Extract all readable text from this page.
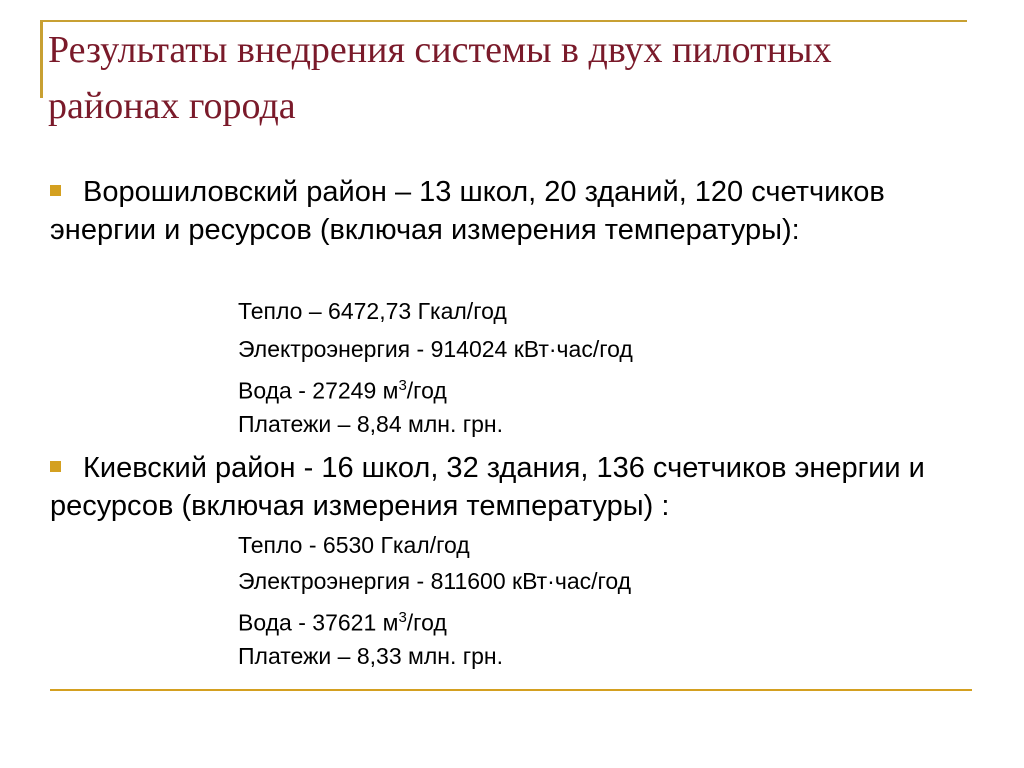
Результаты внедрения системы в двух пилотных районах города

Ворошиловский район – 13 школ, 20 зданий, 120 счетчиков энергии и ресурсов (включая измерения температуры):

Тепло – 6472,73 Гкал/год

Электроэнергия - 914024 кВт·час/год

Вода - 27249 $м^3$/год

Платежи – 8,84 млн. грн.

Киевский район - 16 школ, 32 здания, 136 счетчиков энергии и ресурсов (включая измерения температуры) :

Тепло - 6530 Гкал/год

Электроэнергия - 811600 кВт·час/год

Вода - 37621 $м^3$/год

Платежи – 8,33 млн. грн.
